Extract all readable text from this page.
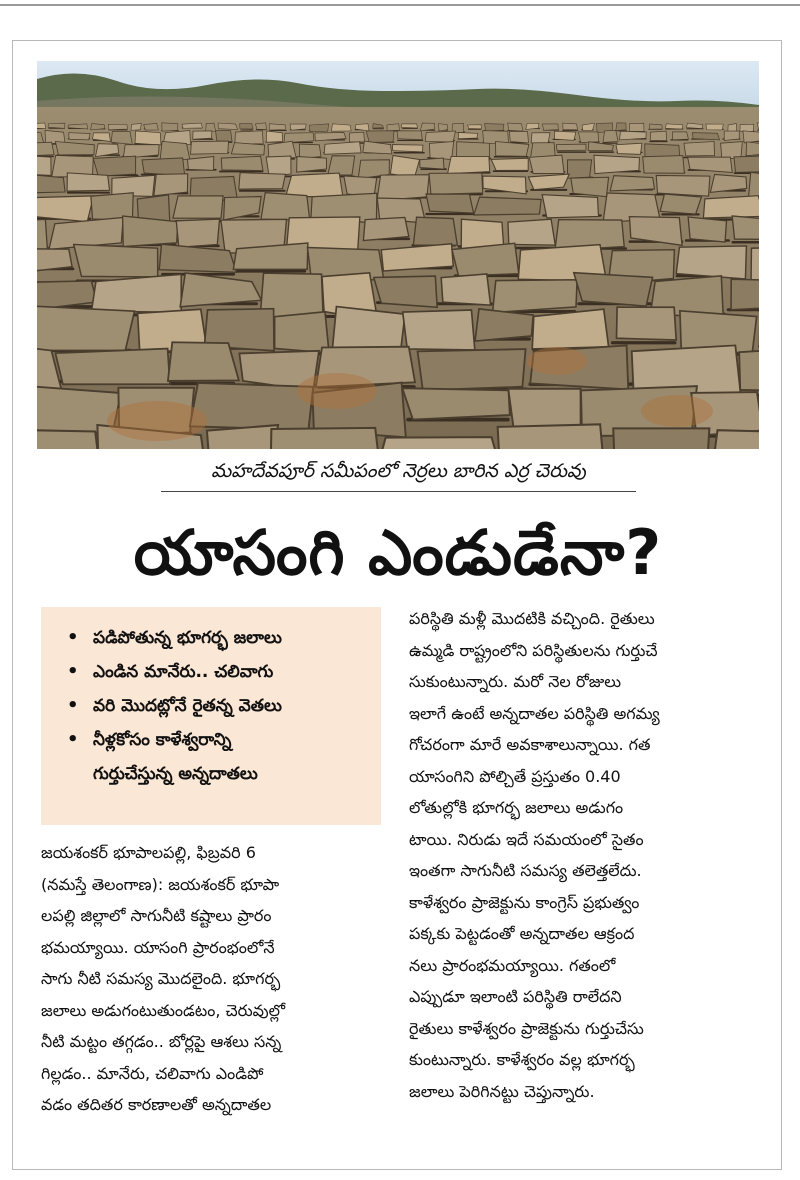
మహదేవపూర్ సమీపంలో నెర్రలు బారిన ఎర్ర చెరువు
యాసంగి ఎండుడేనా?
• పడిపోతున్న భూగర్భ జలాలు
• ఎండిన మానేరు.. చలివాగు
• వరి మొదట్లోనే రైతన్న వెతలు
• నీళ్లకోసం కాళేశ్వరాన్ని
గుర్తుచేస్తున్న అన్నదాతలు
జయశంకర్ భూపాలపల్లి, ఫిబ్రవరి 6
(నమస్తే తెలంగాణ): జయశంకర్ భూపా
లపల్లి జిల్లాలో సాగునీటి కష్టాలు ప్రారం
భమయ్యాయి. యాసంగి ప్రారంభంలోనే
సాగు నీటి సమస్య మొదలైంది. భూగర్భ
జలాలు అడుగంటుతుండటం, చెరువుల్లో
నీటి మట్టం తగ్గడం.. బోర్లపై ఆశలు సన్న
గిల్లడం.. మానేరు, చలివాగు ఎండిపో
వడం తదితర కారణాలతో అన్నదాతల
పరిస్థితి మళ్లీ మొదటికి వచ్చింది. రైతులు
ఉమ్మడి రాష్ట్రంలోని పరిస్థితులను గుర్తుచే
సుకుంటున్నారు. మరో నెల రోజులు
ఇలాగే ఉంటే అన్నదాతల పరిస్థితి అగమ్య
గోచరంగా మారే అవకాశాలున్నాయి. గత
యాసంగిని పోల్చితే ప్రస్తుతం 0.40
లోతుల్లోకి భూగర్భ జలాలు అడుగం
టాయి. నిరుడు ఇదే సమయంలో సైతం
ఇంతగా సాగునీటి సమస్య తలెత్తలేదు.
కాళేశ్వరం ప్రాజెక్టును కాంగ్రెస్ ప్రభుత్వం
పక్కకు పెట్టడంతో అన్నదాతల ఆక్రంద
నలు ప్రారంభమయ్యాయి. గతంలో
ఎప్పుడూ ఇలాంటి పరిస్థితి రాలేదని
రైతులు కాళేశ్వరం ప్రాజెక్టును గుర్తుచేసు
కుంటున్నారు. కాళేశ్వరం వల్ల భూగర్భ
జలాలు పెరిగినట్టు చెప్తున్నారు.
